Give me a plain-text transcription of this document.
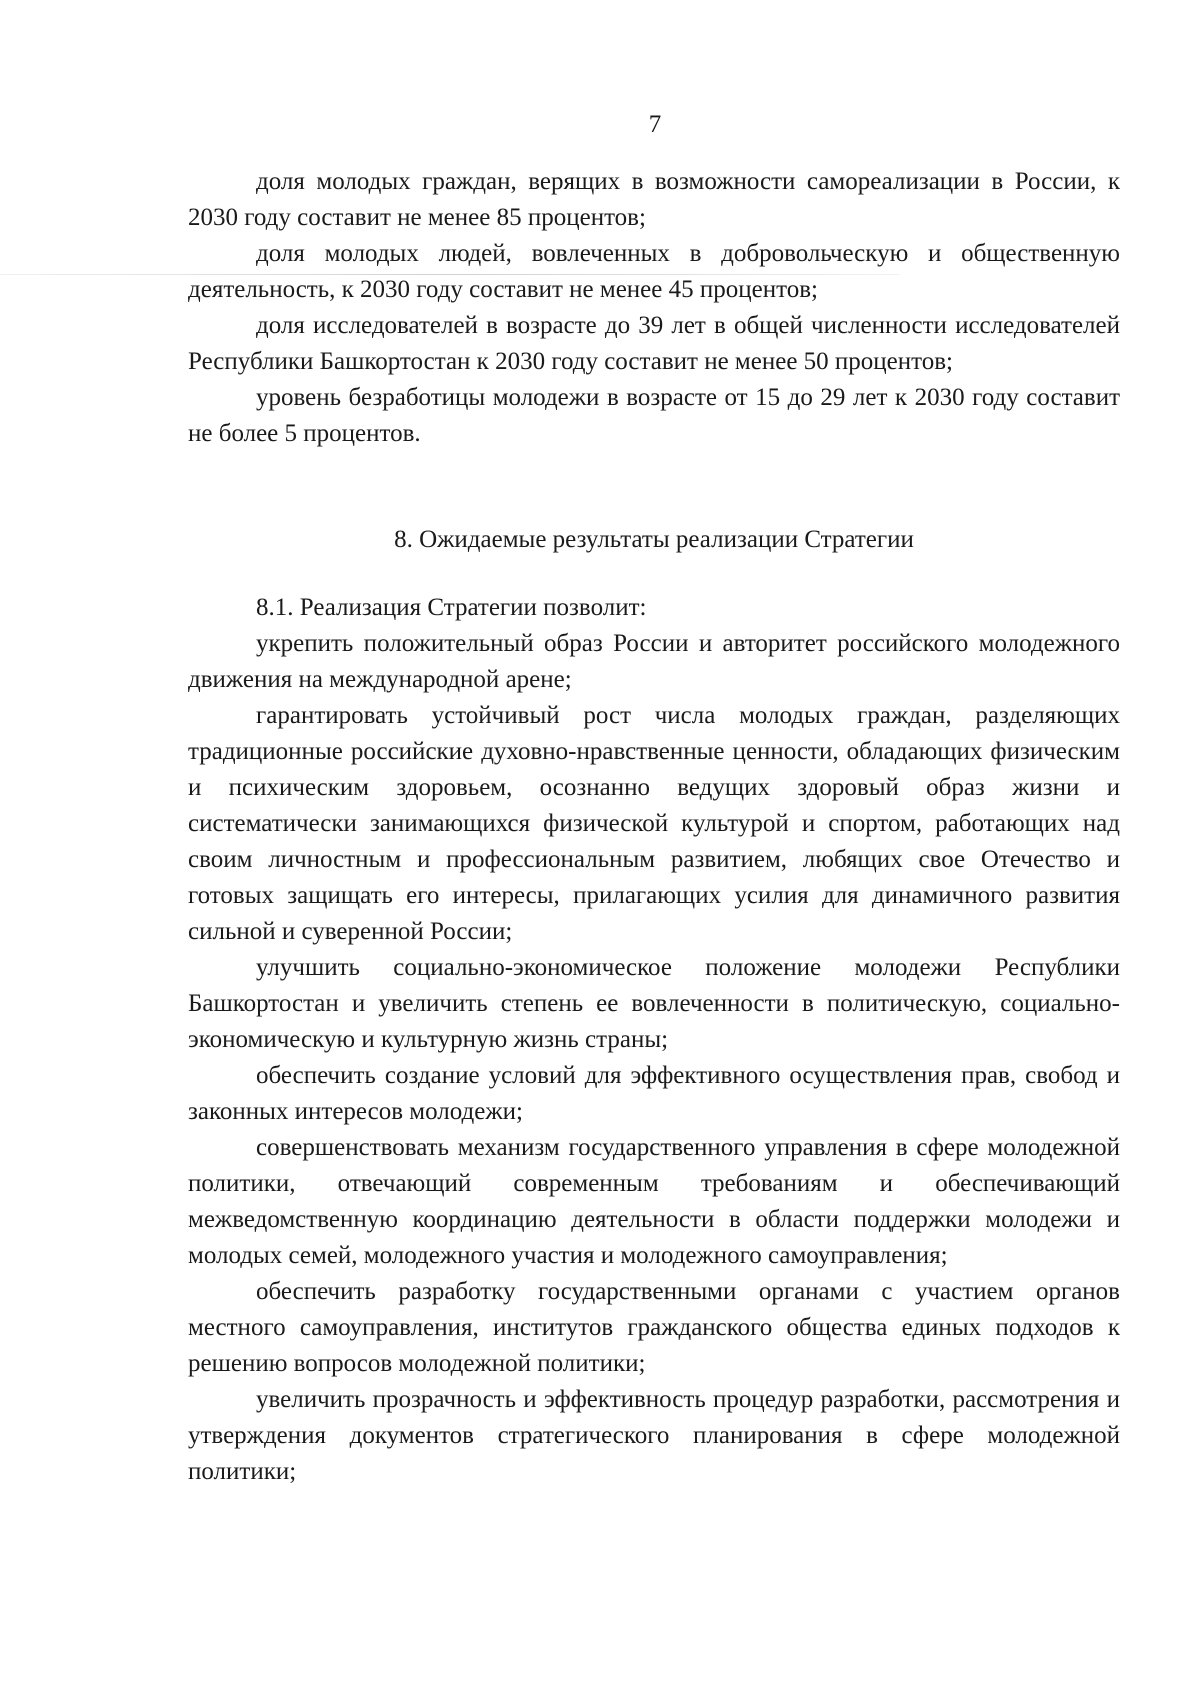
7

доля молодых граждан, верящих в возможности самореализации в России, к 2030 году составит не менее 85 процентов;

доля молодых людей, вовлеченных в добровольческую и общественную деятельность, к 2030 году составит не менее 45 процентов;

доля исследователей в возрасте до 39 лет в общей численности исследователей Республики Башкортостан к 2030 году составит не менее 50 процентов;

уровень безработицы молодежи в возрасте от 15 до 29 лет к 2030 году составит не более 5 процентов.

8. Ожидаемые результаты реализации Стратегии

8.1. Реализация Стратегии позволит:

укрепить положительный образ России и авторитет российского молодежного движения на международной арене;

гарантировать устойчивый рост числа молодых граждан, разделяющих традиционные российские духовно-нравственные ценности, обладающих физическим и психическим здоровьем, осознанно ведущих здоровый образ жизни и систематически занимающихся физической культурой и спортом, работающих над своим личностным и профессиональным развитием, любящих свое Отечество и готовых защищать его интересы, прилагающих усилия для динамичного развития сильной и суверенной России;

улучшить социально-экономическое положение молодежи Республики Башкортостан и увеличить степень ее вовлеченности в политическую, социально-экономическую и культурную жизнь страны;

обеспечить создание условий для эффективного осуществления прав, свобод и законных интересов молодежи;

совершенствовать механизм государственного управления в сфере молодежной политики, отвечающий современным требованиям и обеспечивающий межведомственную координацию деятельности в области поддержки молодежи и молодых семей, молодежного участия и молодежного самоуправления;

обеспечить разработку государственными органами с участием органов местного самоуправления, институтов гражданского общества единых подходов к решению вопросов молодежной политики;

увеличить прозрачность и эффективность процедур разработки, рассмотрения и утверждения документов стратегического планирования в сфере молодежной политики;
